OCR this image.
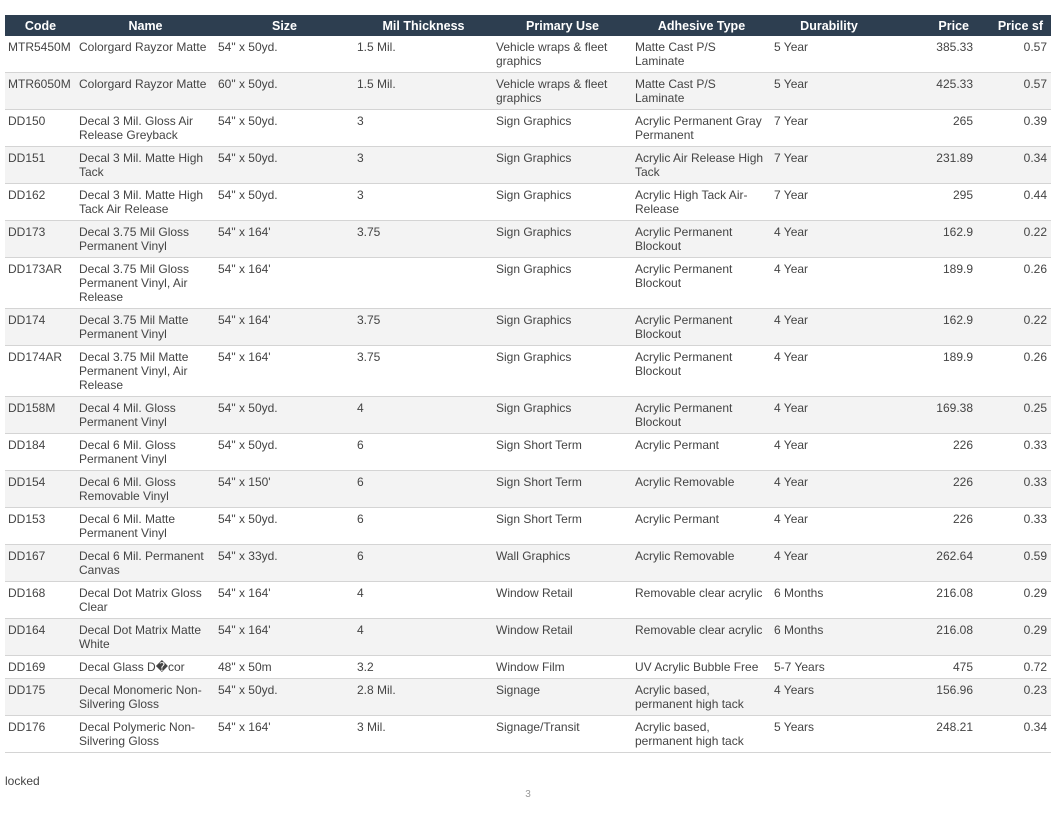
Code	Name	Size	Mil Thickness	Primary Use	Adhesive Type	Durability	Price	Price sf
MTR5450M	Colorgard Rayzor Matte	54" x 50yd.	1.5 Mil.	Vehicle wraps & fleet graphics	Matte Cast P/S Laminate	5 Year	385.33	0.57
MTR6050M	Colorgard Rayzor Matte	60" x 50yd.	1.5 Mil.	Vehicle wraps & fleet graphics	Matte Cast P/S Laminate	5 Year	425.33	0.57
DD150	Decal 3 Mil. Gloss Air Release Greyback	54" x 50yd.	3	Sign Graphics	Acrylic Permanent Gray Permanent	7 Year	265	0.39
DD151	Decal 3 Mil. Matte High Tack	54" x 50yd.	3	Sign Graphics	Acrylic Air Release High Tack	7 Year	231.89	0.34
DD162	Decal 3 Mil. Matte High Tack Air Release	54" x 50yd.	3	Sign Graphics	Acrylic High Tack Air-Release	7 Year	295	0.44
DD173	Decal 3.75 Mil Gloss Permanent Vinyl	54" x 164'	3.75	Sign Graphics	Acrylic Permanent Blockout	4 Year	162.9	0.22
DD173AR	Decal 3.75 Mil Gloss Permanent Vinyl, Air Release	54" x 164'		Sign Graphics	Acrylic Permanent Blockout	4 Year	189.9	0.26
DD174	Decal 3.75 Mil Matte Permanent Vinyl	54" x 164'	3.75	Sign Graphics	Acrylic Permanent Blockout	4 Year	162.9	0.22
DD174AR	Decal 3.75 Mil Matte Permanent Vinyl, Air Release	54" x 164'	3.75	Sign Graphics	Acrylic Permanent Blockout	4 Year	189.9	0.26
DD158M	Decal 4 Mil. Gloss Permanent Vinyl	54" x 50yd.	4	Sign Graphics	Acrylic Permanent Blockout	4 Year	169.38	0.25
DD184	Decal 6 Mil. Gloss Permanent Vinyl	54" x 50yd.	6	Sign Short Term	Acrylic Permant	4 Year	226	0.33
DD154	Decal 6 Mil. Gloss Removable Vinyl	54" x 150'	6	Sign Short Term	Acrylic Removable	4 Year	226	0.33
DD153	Decal 6 Mil. Matte Permanent Vinyl	54" x 50yd.	6	Sign Short Term	Acrylic Permant	4 Year	226	0.33
DD167	Decal 6 Mil. Permanent Canvas	54" x 33yd.	6	Wall Graphics	Acrylic Removable	4 Year	262.64	0.59
DD168	Decal Dot Matrix Gloss Clear	54" x 164'	4	Window Retail	Removable clear acrylic	6 Months	216.08	0.29
DD164	Decal Dot Matrix Matte White	54" x 164'	4	Window Retail	Removable clear acrylic	6 Months	216.08	0.29
DD169	Decal Glass D�cor	48" x 50m	3.2	Window Film	UV Acrylic Bubble Free	5-7 Years	475	0.72
DD175	Decal Monomeric Non-Silvering Gloss	54" x 50yd.	2.8 Mil.	Signage	Acrylic based, permanent high tack	4 Years	156.96	0.23
DD176	Decal Polymeric Non-Silvering Gloss	54" x 164'	3 Mil.	Signage/Transit	Acrylic based, permanent high tack	5 Years	248.21	0.34
locked
3
